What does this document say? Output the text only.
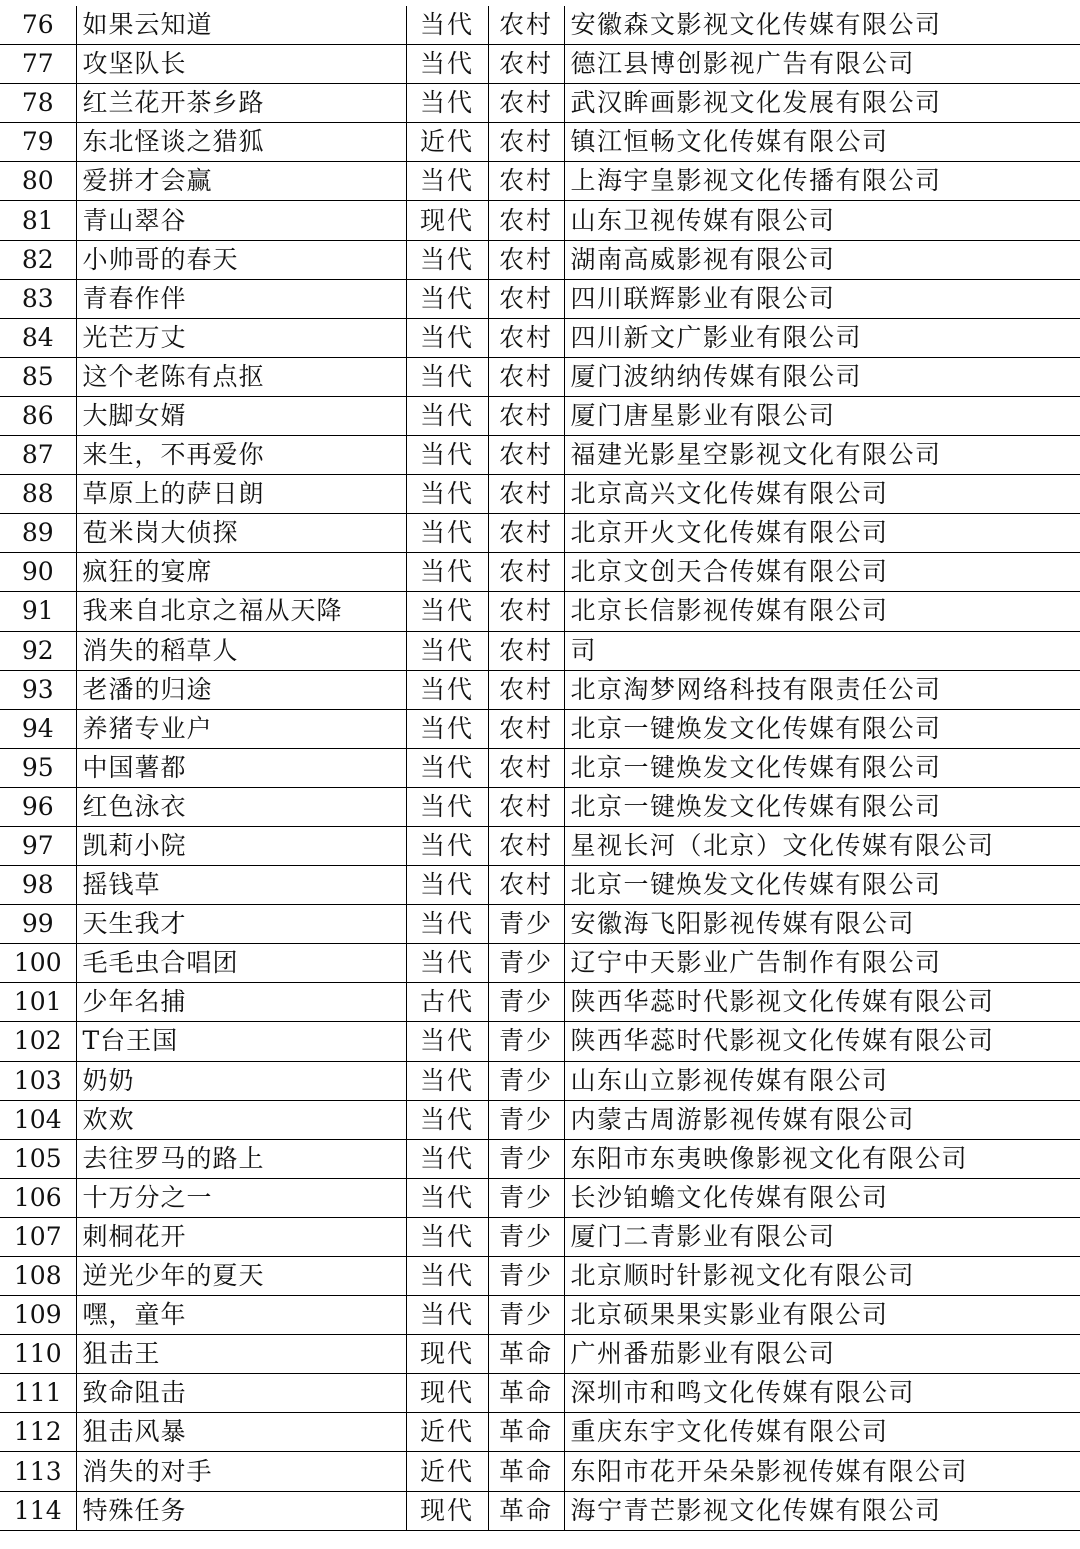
76	如果云知道	当代	农村	安徽森文影视文化传媒有限公司
77	攻坚队长	当代	农村	德江县博创影视广告有限公司
78	红兰花开茶乡路	当代	农村	武汉眸画影视文化发展有限公司
79	东北怪谈之猎狐	近代	农村	镇江恒畅文化传媒有限公司
80	爱拼才会赢	当代	农村	上海宇皇影视文化传播有限公司
81	青山翠谷	现代	农村	山东卫视传媒有限公司
82	小帅哥的春天	当代	农村	湖南高威影视有限公司
83	青春作伴	当代	农村	四川联辉影业有限公司
84	光芒万丈	当代	农村	四川新文广影业有限公司
85	这个老陈有点抠	当代	农村	厦门波纳纳传媒有限公司
86	大脚女婿	当代	农村	厦门唐星影业有限公司
87	来生，不再爱你	当代	农村	福建光影星空影视文化有限公司
88	草原上的萨日朗	当代	农村	北京高兴文化传媒有限公司
89	苞米岗大侦探	当代	农村	北京开火文化传媒有限公司
90	疯狂的宴席	当代	农村	北京文创天合传媒有限公司
91	我来自北京之福从天降	当代	农村	北京长信影视传媒有限公司
92	消失的稻草人	当代	农村	司
93	老潘的归途	当代	农村	北京淘梦网络科技有限责任公司
94	养猪专业户	当代	农村	北京一键焕发文化传媒有限公司
95	中国薯都	当代	农村	北京一键焕发文化传媒有限公司
96	红色泳衣	当代	农村	北京一键焕发文化传媒有限公司
97	凯莉小院	当代	农村	星视长河（北京）文化传媒有限公司
98	摇钱草	当代	农村	北京一键焕发文化传媒有限公司
99	天生我才	当代	青少	安徽海飞阳影视传媒有限公司
100	毛毛虫合唱团	当代	青少	辽宁中天影业广告制作有限公司
101	少年名捕	古代	青少	陕西华蕊时代影视文化传媒有限公司
102	T台王国	当代	青少	陕西华蕊时代影视文化传媒有限公司
103	奶奶	当代	青少	山东山立影视传媒有限公司
104	欢欢	当代	青少	内蒙古周游影视传媒有限公司
105	去往罗马的路上	当代	青少	东阳市东夷映像影视文化有限公司
106	十万分之一	当代	青少	长沙铂蟾文化传媒有限公司
107	刺桐花开	当代	青少	厦门二青影业有限公司
108	逆光少年的夏天	当代	青少	北京顺时针影视文化有限公司
109	嘿，童年	当代	青少	北京硕果果实影业有限公司
110	狙击王	现代	革命	广州番茄影业有限公司
111	致命阻击	现代	革命	深圳市和鸣文化传媒有限公司
112	狙击风暴	近代	革命	重庆东宇文化传媒有限公司
113	消失的对手	近代	革命	东阳市花开朵朵影视传媒有限公司
114	特殊任务	现代	革命	海宁青芒影视文化传媒有限公司
